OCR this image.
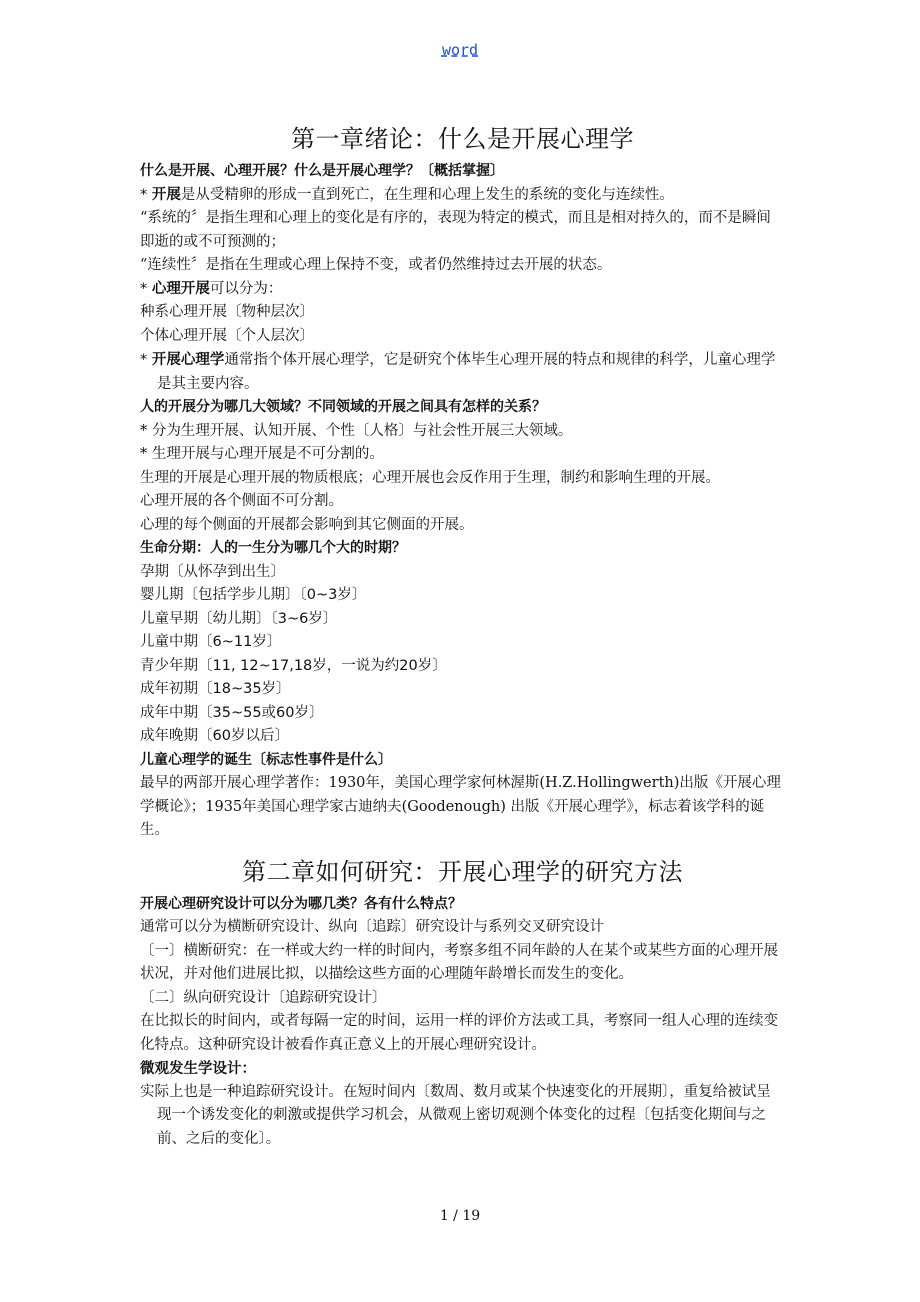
word
第一章绪论：什么是开展心理学

什么是开展、心理开展？什么是开展心理学？〔概括掌握〕

* 开展是从受精卵的形成一直到死亡，在生理和心理上发生的系统的变化与连续性。

“系统的〞是指生理和心理上的变化是有序的，表现为特定的模式，而且是相对持久的，而不是瞬间即逝的或不可预测的；

“连续性〞是指在生理或心理上保持不变，或者仍然维持过去开展的状态。

* 心理开展可以分为：

种系心理开展〔物种层次〕

个体心理开展〔个人层次〕

* 开展心理学通常指个体开展心理学，它是研究个体毕生心理开展的特点和规律的科学，儿童心理学是其主要内容。

人的开展分为哪几大领域？不同领域的开展之间具有怎样的关系？

* 分为生理开展、认知开展、个性〔人格〕与社会性开展三大领域。

* 生理开展与心理开展是不可分割的。

生理的开展是心理开展的物质根底；心理开展也会反作用于生理，制约和影响生理的开展。

心理开展的各个侧面不可分割。

心理的每个侧面的开展都会影响到其它侧面的开展。

生命分期：人的一生分为哪几个大的时期？

孕期〔从怀孕到出生〕

婴儿期〔包括学步儿期〕〔0~3岁〕

儿童早期〔幼儿期〕〔3~6岁〕

儿童中期〔6~11岁〕

青少年期〔11, 12~17,18岁，一说为约20岁〕

成年初期〔18~35岁〕

成年中期〔35~55或60岁〕

成年晚期〔60岁以后〕

儿童心理学的诞生〔标志性事件是什么〕

最早的两部开展心理学著作：1930年，美国心理学家何林渥斯(H.Z.Hollingwerth)出版《开展心理学概论》；1935年美国心理学家古迪纳夫(Goodenough) 出版《开展心理学》，标志着该学科的诞生。

第二章如何研究：开展心理学的研究方法

开展心理研究设计可以分为哪几类？各有什么特点？

通常可以分为横断研究设计、纵向〔追踪〕研究设计与系列交叉研究设计

〔一〕横断研究：在一样或大约一样的时间内，考察多组不同年龄的人在某个或某些方面的心理开展状况，并对他们进展比拟，以描绘这些方面的心理随年龄增长而发生的变化。

〔二〕纵向研究设计〔追踪研究设计〕

在比拟长的时间内，或者每隔一定的时间，运用一样的评价方法或工具，考察同一组人心理的连续变化特点。这种研究设计被看作真正意义上的开展心理研究设计。

微观发生学设计：

实际上也是一种追踪研究设计。在短时间内〔数周、数月或某个快速变化的开展期〕，重复给被试呈现一个诱发变化的刺激或提供学习机会，从微观上密切观测个体变化的过程〔包括变化期间与之前、之后的变化〕。

1 / 19
